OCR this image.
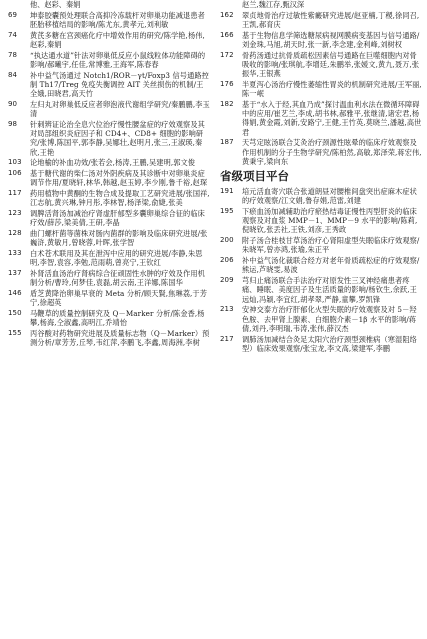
他、赵彩、秦娟
69	坤泰胶囊预处理联合高抑冷冻载杆对卵巢功能减退患者胚胎移植结局的影响/陈尤东,黄孝元,刘利敏
74	黄芪多糖在宫颈癌化疗中增效作用的研究/陈学艳,杨伟,赵彩,秦娟
78	“执达通水道”针法对卵巢低反应小鼠线粒体功能障碍的影响/郝曦宇,任佳,常博雅,王海军,陈春春
84	补中益气汤通过 Notch1/ROR－γt/Foxp3 信号通路控制 Th17/Treg 免疫失衡调控 AIT 关丝损伤的机制/王全娥,田晓君,高天竹
90	左归丸对卵巢低反应者卵泡液代谢组学研究/秦鹏鹏,李玉清
98	针刺辨证论治全息穴位治疗慢性腰盆症的疗效观察及其对局部组织炎症因子和 CD4+、CD8+ 细胞的影响研究/张博,陈国平,郭李静,吴娜壮,赵明月,张三,王淑瑛,秦欣,王艳
103	论地榆的补血功效/张若会,杨涛,王鹏,吴建明,郭文俊
106	基于糖代谢的柴仁汤对外阴疾病及其诊断中对卵巢炎症调节作用/夏晓轩,林华,韩越,赵玉婷,李少刚,鲁千裕,赵琛
117	药用植物中黄酮的生物合成及提取工艺研究进展/张国祥,江志航,黄兴琳,钟月彤,李林智,杨泽梁,俞婕,张美
123	调脾活肾汤加减治疗肾虚肝郁型多囊卵巢综合征的临床疗效/薛莎,梁美倩,王研,李晶
128	曲门螺杆菌等菌株对肠内菌群的影响及临床研究进展/张巍浒,黄敏月,曾晓蓉,叶晖,张学智
133	白术苍术联用及其在泄泻中应用的研究进展/李静,朱思明,李智,袁容,李勉,范雨萌,曾亮宁,王钦红
137	补肾活血汤治疗肾病综合征顽固性水肿的疗效及作用机制分析/曹玲,何梦佳,袁磊,胡云南,王洋娜,陈国华
146	盾芝黄降治卵巢早衰的 Meta 分析/顾天賢,焦琳荔,于芳宁,徐超英
150	马鞭草的质量控制研究及 Q－Marker 分析/陈金香,杨攀,杨海,仝淑鑫,高明江,乔靖怡
155	丙谷酸对药物研究进展及质量标志物（Q－Marker）预测分析/章芳芳,丘琴,韦红萍,李鹏飞,李鑫,周海洲,李树
赵兰,魏江存,甄汉深
162	翠贞地骨治疗过敏性紫癜研究进展/赵亚楠,丁稷,徐同召,王凯,郝育庆
166	基于生物信息学筛选糖尿病视网膜病变基因与信号通路/刘金珠,马旭,胡天时,张一新,李念建,金利峰,刘树权
172	骨药汤通过抗骨质疏松因素信号通路在巨噬细胞内对骨吸收的影响/张琪航,李增廷,朱鹏举,张媛文,黄九,聂万,张振华,王银燕
176	半夏泻心汤治疗慢性萎缩性胃炎的机制研究进展/王军丽,陈一岷
182	基于“水入于经,其血乃成”探讨温血利水法在微循环障碍中的应用/崔艺兰,李成,胡书林,郝雅平,张继清,诸宏君,杨得娟,黄金霞,刘新,安路宁,王健,王竹英,莫晓兰,潘越,高世君
187	天芎定眩汤联合艾灸治疗颈源性眩晕的临床疗效观察及作用机制的分子生物学研究/陈柏然,高敏,郑泽荣,蒋宏伟,黄秉宇,梁向东
省级项目平台
191	培元活血寄穴联合张道朗昼对腰椎间盘突出症麻木症状的疗效观察/江文娟,鲁存娟,范雷,刘建
195	下瘀血汤加减辅助治疗瘀热结毒证慢性丙型肝炎的临床观察及对血浆 MMP－1、MMP－9 水平的影响/陈莉,倪晓钦,张丢社,王铁,刘彦,王秀政
200	附子汤合桂枝甘草汤治疗心肾阳虚型失眠临床疗效观察/朱晓军,曾亦鸿,张瑜,朱正平
206	补中益气汤化裁联合经方对老年骨质疏松症的疗效观察/熊运,芦晓雯,易波
209	芎归止痛汤联合手法治疗对原发性三叉神经痛患者疼痛、睡眠、美度因子及生活质量的影响/杨钦生,余跃,王远灿,冯颖,李宜红,胡孝翠,严静,童攀,罗凯锋
213	安神交泰方治疗肝郁化火型失眠的疗效观察及对 5－羟色胺、去甲肾上腺素、白细胞介素－1β 水平的影响/蒋倩,刘丹,李明瑞,韦涛,张伟,薛汉杰
217	调肺汤加减结合灸足太阳穴治疗颈型颈椎病（寒湿阻络型）临床效果观察/张宝龙,李文高,梁建军,李鹏
